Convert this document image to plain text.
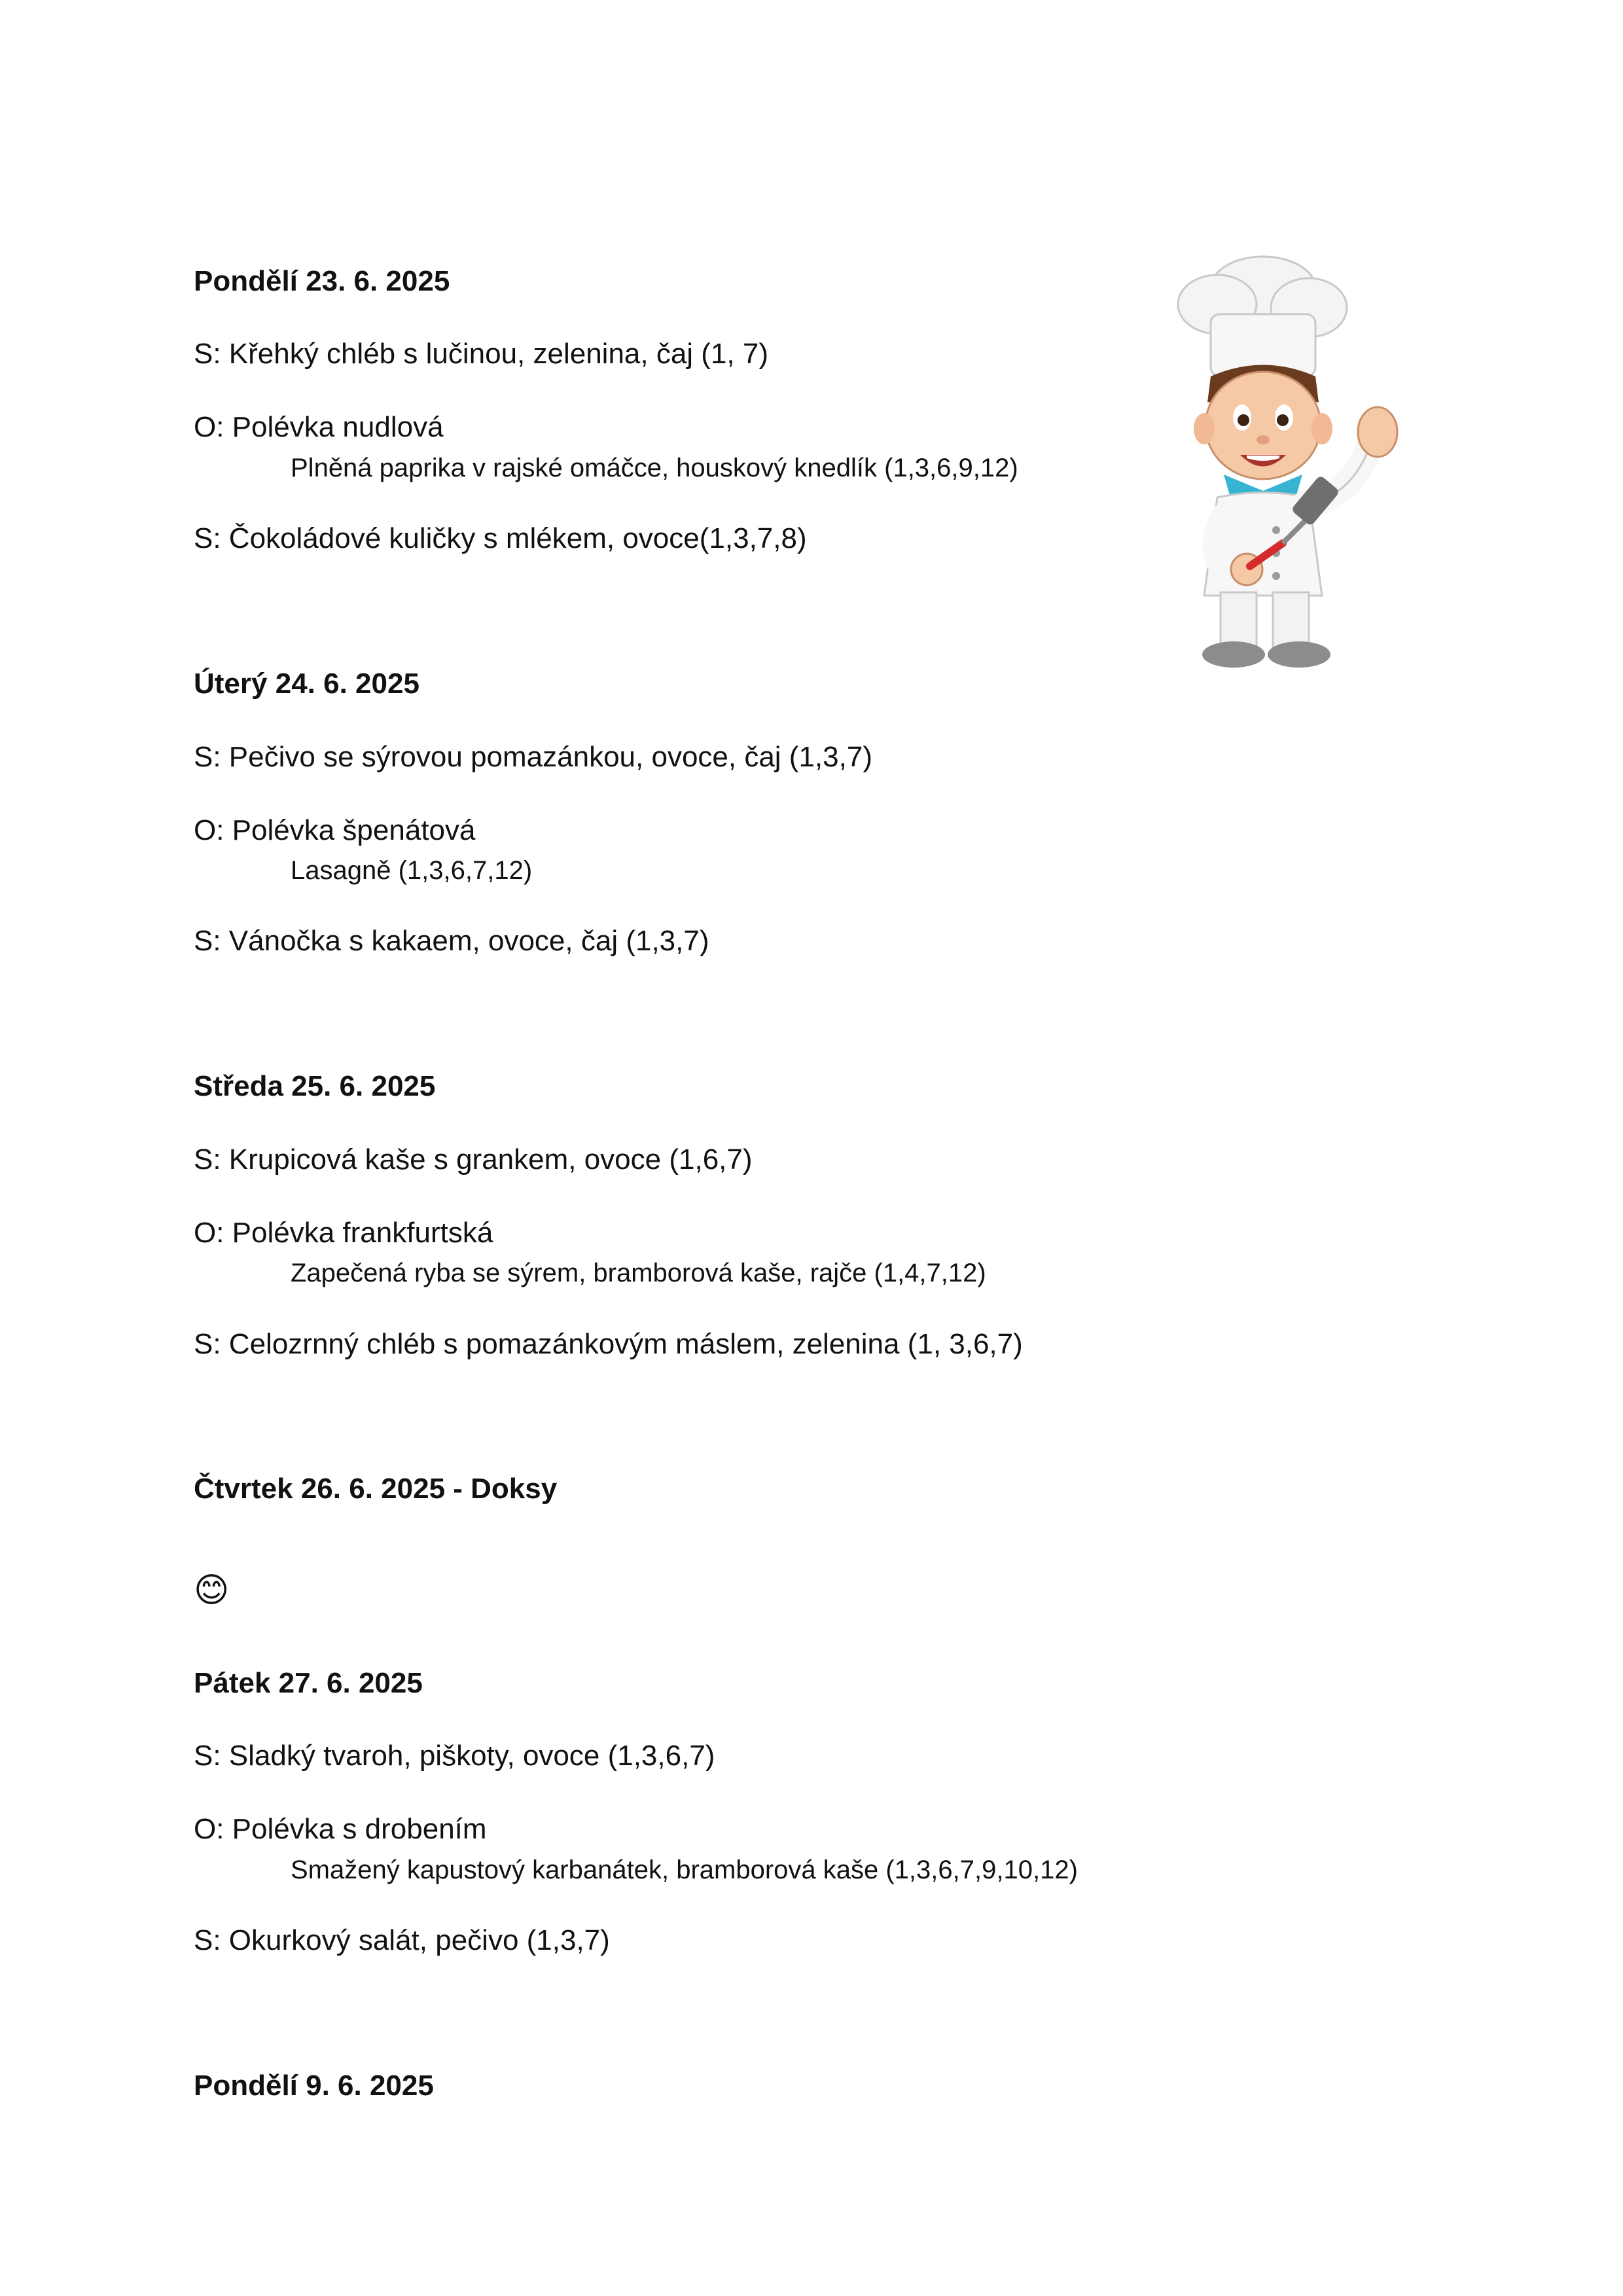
Pondělí 23. 6. 2025
S: Křehký chléb s lučinou, zelenina, čaj (1, 7)
O: Polévka nudlová
Plněná paprika v rajské omáčce, houskový knedlík (1,3,6,9,12)
S: Čokoládové kuličky s mlékem, ovoce(1,3,7,8)
Úterý 24. 6. 2025
S: Pečivo se sýrovou pomazánkou, ovoce, čaj (1,3,7)
O: Polévka špenátová
Lasagně (1,3,6,7,12)
S: Vánočka s kakaem, ovoce, čaj (1,3,7)
Středa 25. 6. 2025
S: Krupicová kaše s grankem, ovoce (1,6,7)
O: Polévka frankfurtská
Zapečená ryba se sýrem, bramborová kaše, rajče (1,4,7,12)
S: Celozrnný chléb s pomazánkovým máslem, zelenina (1, 3,6,7)
Čtvrtek 26. 6. 2025 - Doksy
😊
Pátek 27. 6. 2025
S: Sladký tvaroh, piškoty, ovoce (1,3,6,7)
O: Polévka s drobením
Smažený kapustový karbanátek, bramborová kaše (1,3,6,7,9,10,12)
S: Okurkový salát, pečivo (1,3,7)
Pondělí 9. 6. 2025
